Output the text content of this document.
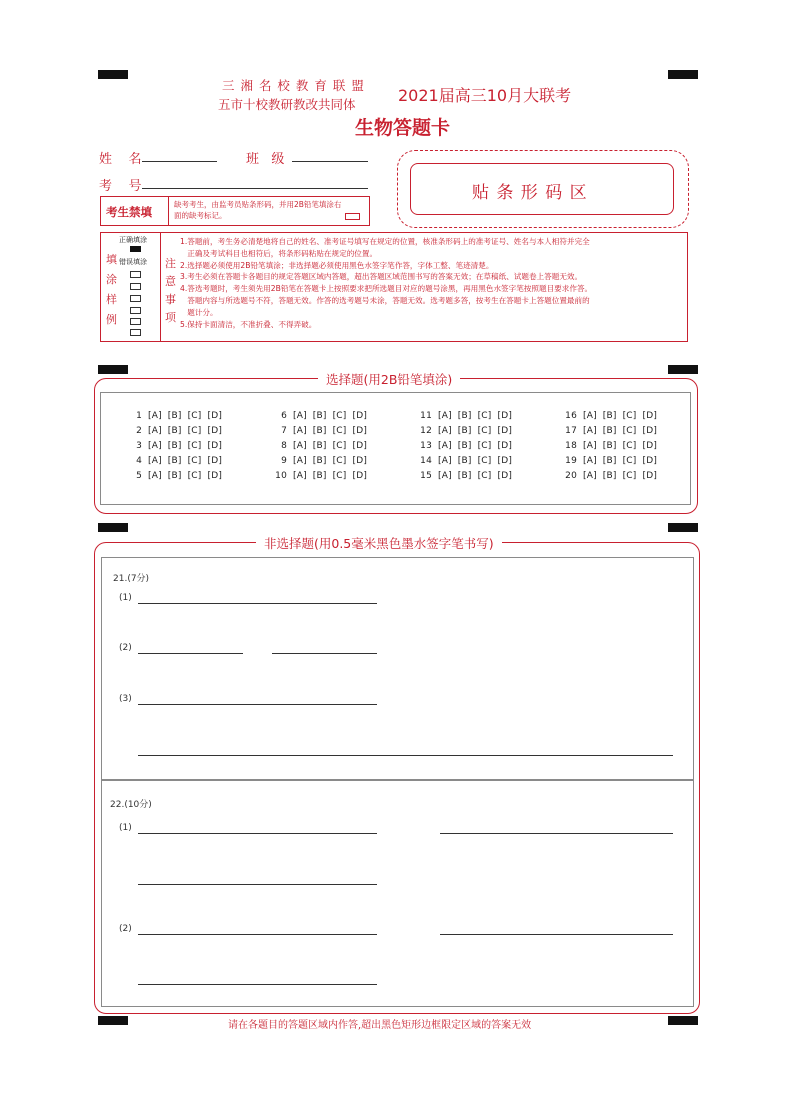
三 湘 名 校 教 育 联 盟
五市十校教研教改共同体	2021届高三10月大联考
生物答题卡
姓    名	班   级
考    号
考生禁填
缺考考生，由监考员贴条形码，并用2B铅笔填涂右面的缺考标记。
贴 条 形 码 区
填
涂
样
例
正确填涂
错误填涂 注
意
事
项
1.答题前，考生务必清楚地将自己的姓名、准考证号填写在规定的位置，核准条形码上的准考证号、姓名与本人相符并完全
正确及考试科目也相符后，将条形码粘贴在规定的位置。
2.选择题必须使用2B铅笔填涂；非选择题必须使用黑色水签字笔作答，字体工整、笔迹清楚。
3.考生必须在答题卡各题目的规定答题区域内答题，超出答题区域范围书写的答案无效；在草稿纸、试题卷上答题无效。
4.答选考题时，考生须先用2B铅笔在答题卡上按照要求把所选题目对应的题号涂黑，再用黑色水签字笔按照题目要求作答。
答题内容与所选题号不符，答题无效。作答的选考题号未涂，答题无效。选考题多答，按考生在答题卡上答题位置最前的
题计分。
5.保持卡面清洁，不准折叠、不得弄破。
选择题(用2B铅笔填涂)
1 [A] [B] [C] [D]
2 [A] [B] [C] [D]
3 [A] [B] [C] [D]
4 [A] [B] [C] [D]
5 [A] [B] [C] [D]
6 [A] [B] [C] [D]
7 [A] [B] [C] [D]
8 [A] [B] [C] [D]
9 [A] [B] [C] [D]
10 [A] [B] [C] [D]
11 [A] [B] [C] [D]
12 [A] [B] [C] [D]
13 [A] [B] [C] [D]
14 [A] [B] [C] [D]
15 [A] [B] [C] [D]
16 [A] [B] [C] [D]
17 [A] [B] [C] [D]
18 [A] [B] [C] [D]
19 [A] [B] [C] [D]
20 [A] [B] [C] [D]
非选择题(用0.5毫米黑色墨水签字笔书写)
21.(7分)
(1)
(2)
(3)
22.(10分)
(1)
(2)
请在各题目的答题区域内作答,超出黑色矩形边框限定区域的答案无效
